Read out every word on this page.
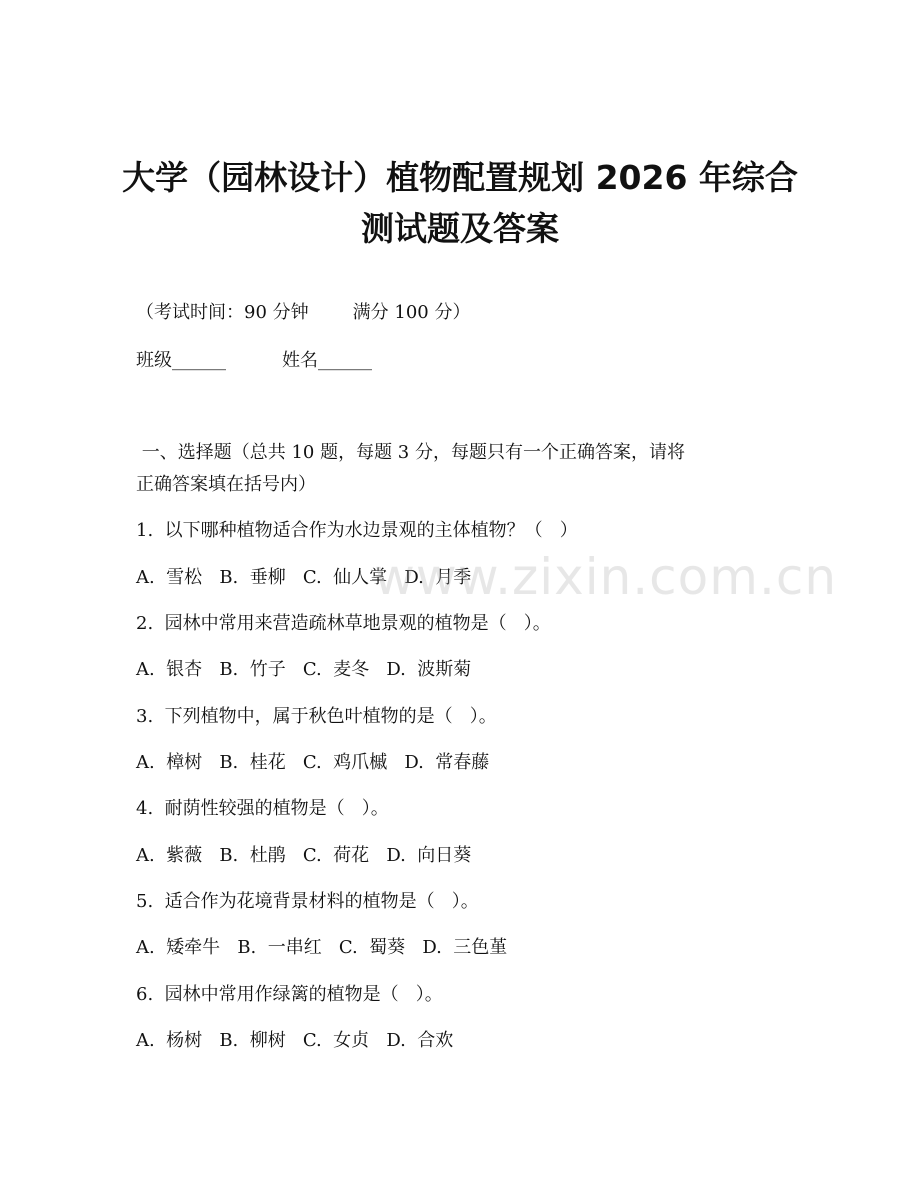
大学（园林设计）植物配置规划 2026 年综合
测试题及答案
（考试时间：90 分钟 满分 100 分）
班级______	姓名______
一、选择题（总共 10 题，每题 3 分，每题只有一个正确答案，请将
正确答案填在括号内）
1.  以下哪种植物适合作为水边景观的主体植物？（   ）
A.  雪松   B.  垂柳   C.  仙人掌   D.  月季
2.  园林中常用来营造疏林草地景观的植物是（   ）。
A.  银杏   B.  竹子   C.  麦冬   D.  波斯菊
3.  下列植物中，属于秋色叶植物的是（   ）。
A.  樟树   B.  桂花   C.  鸡爪槭   D.  常春藤
4.  耐荫性较强的植物是（   ）。
A.  紫薇   B.  杜鹃   C.  荷花   D.  向日葵
5.  适合作为花境背景材料的植物是（   ）。
A.  矮牵牛   B.  一串红   C.  蜀葵   D.  三色堇
6.  园林中常用作绿篱的植物是（   ）。
A.  杨树   B.  柳树   C.  女贞   D.  合欢
www.zixin.com.cn
